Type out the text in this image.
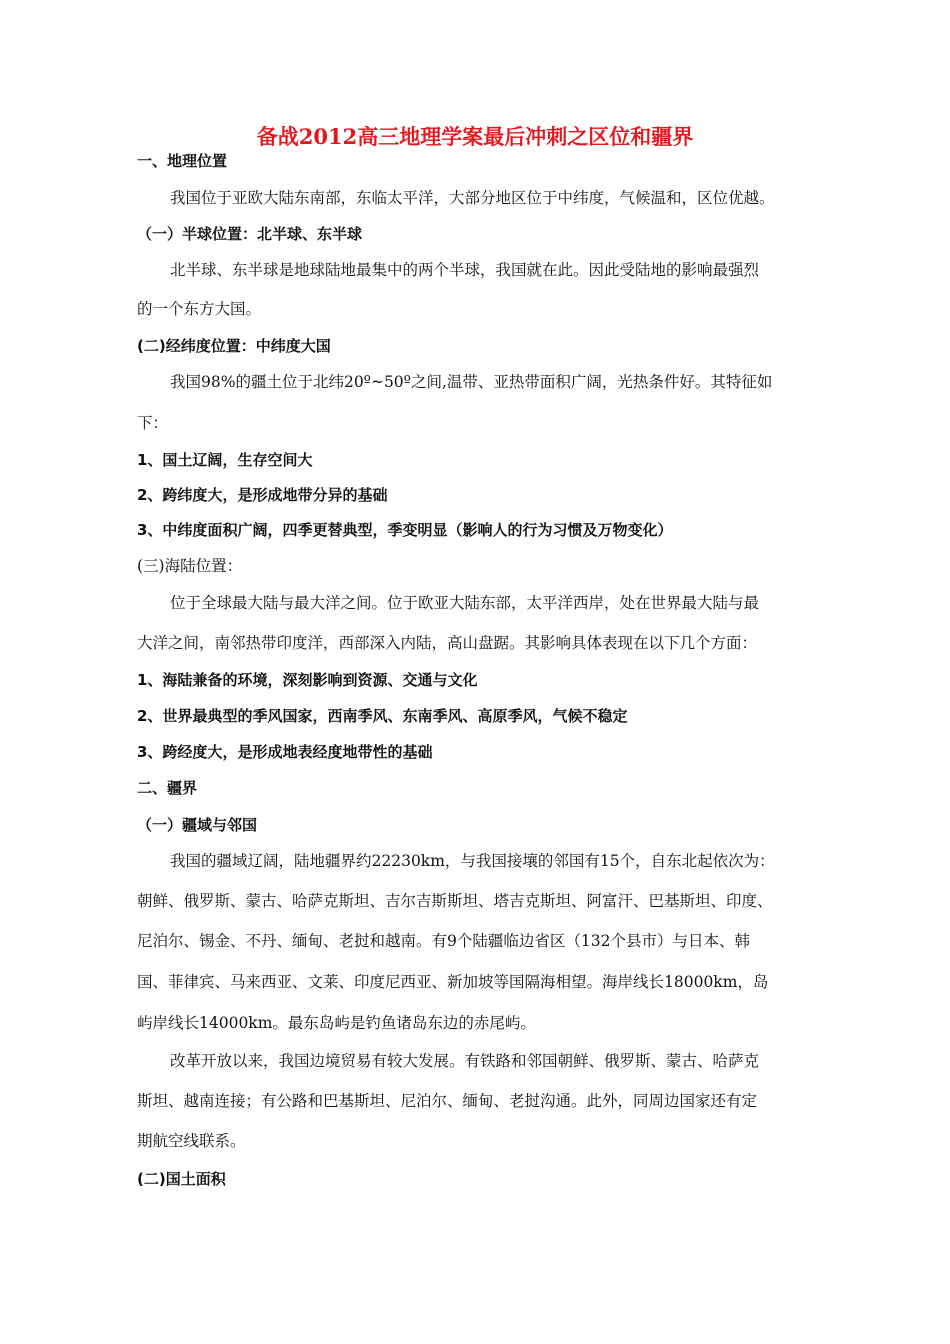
备战2012高三地理学案最后冲刺之区位和疆界
一、地理位置
我国位于亚欧大陆东南部，东临太平洋，大部分地区位于中纬度，气候温和，区位优越。
（一）半球位置：北半球、东半球
北半球、东半球是地球陆地最集中的两个半球，我国就在此。因此受陆地的影响最强烈
的一个东方大国。
(二)经纬度位置：中纬度大国
我国98%的疆土位于北纬20º~50º之间,温带、亚热带面积广阔，光热条件好。其特征如
下：
1、国土辽阔，生存空间大
2、跨纬度大，是形成地带分异的基础
3、中纬度面积广阔，四季更替典型，季变明显（影响人的行为习惯及万物变化）
(三)海陆位置：
位于全球最大陆与最大洋之间。位于欧亚大陆东部，太平洋西岸，处在世界最大陆与最
大洋之间，南邻热带印度洋，西部深入内陆，高山盘踞。其影响具体表现在以下几个方面：
1、海陆兼备的环境，深刻影响到资源、交通与文化
2、世界最典型的季风国家，西南季风、东南季风、高原季风，气候不稳定
3、跨经度大，是形成地表经度地带性的基础
二、疆界
（一）疆域与邻国
我国的疆域辽阔，陆地疆界约22230km，与我国接壤的邻国有15个，自东北起依次为：
朝鲜、俄罗斯、蒙古、哈萨克斯坦、吉尔吉斯斯坦、塔吉克斯坦、阿富汗、巴基斯坦、印度、
尼泊尔、锡金、不丹、缅甸、老挝和越南。有9个陆疆临边省区（132个县市）与日本、韩
国、菲律宾、马来西亚、文莱、印度尼西亚、新加坡等国隔海相望。海岸线长18000km，岛
屿岸线长14000km。最东岛屿是钓鱼诸岛东边的赤尾屿。
改革开放以来，我国边境贸易有较大发展。有铁路和邻国朝鲜、俄罗斯、蒙古、哈萨克
斯坦、越南连接；有公路和巴基斯坦、尼泊尔、缅甸、老挝沟通。此外，同周边国家还有定
期航空线联系。
(二)国土面积
